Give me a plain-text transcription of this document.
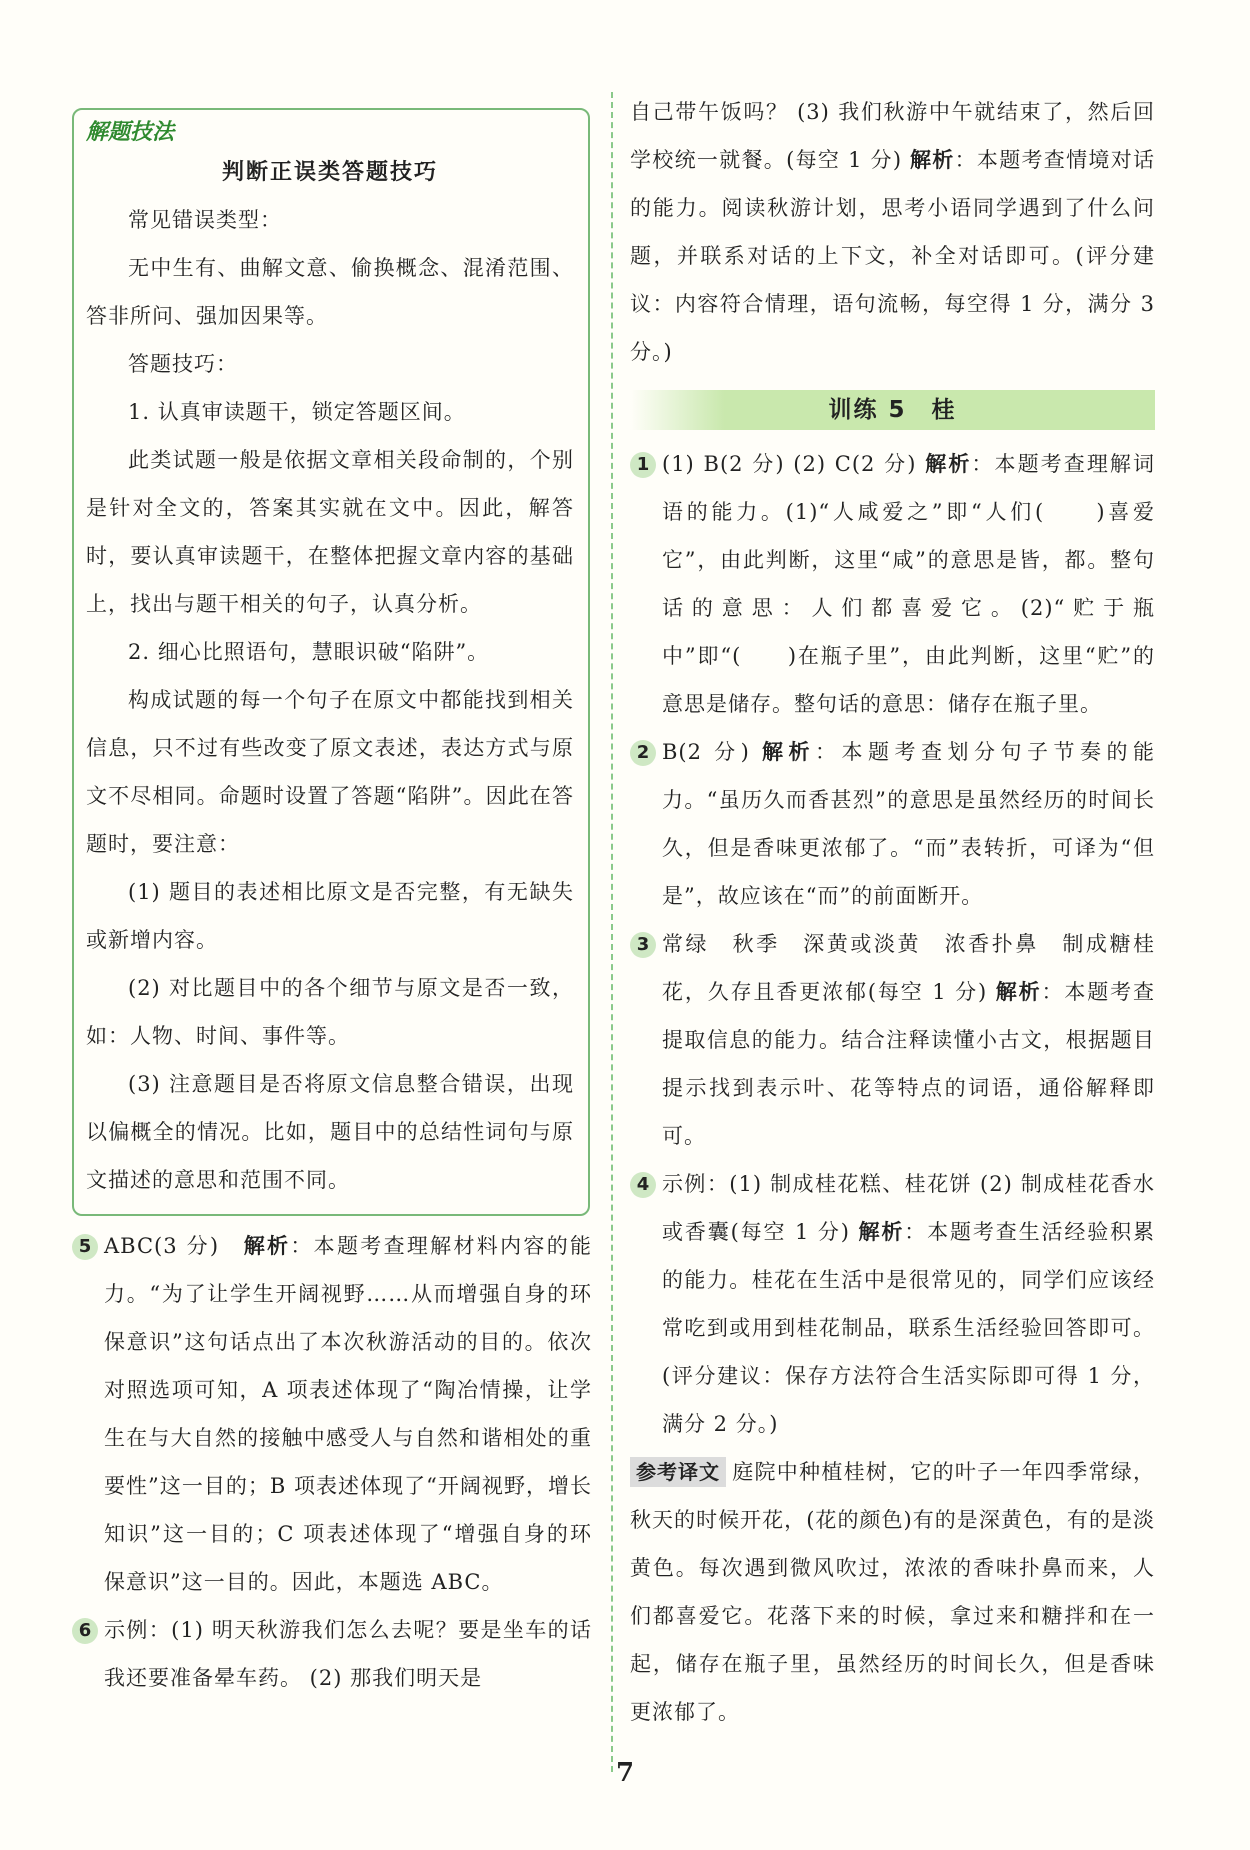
解题技法
判断正误类答题技巧

常见错误类型：

无中生有、曲解文意、偷换概念、混淆范围、答非所问、强加因果等。

答题技巧：

1. 认真审读题干，锁定答题区间。

此类试题一般是依据文章相关段命制的，个别是针对全文的，答案其实就在文中。因此，解答时，要认真审读题干，在整体把握文章内容的基础上，找出与题干相关的句子，认真分析。

2. 细心比照语句，慧眼识破“陷阱”。

构成试题的每一个句子在原文中都能找到相关信息，只不过有些改变了原文表述，表达方式与原文不尽相同。命题时设置了答题“陷阱”。因此在答题时，要注意：

(1) 题目的表述相比原文是否完整，有无缺失或新增内容。

(2) 对比题目中的各个细节与原文是否一致，如：人物、时间、事件等。

(3) 注意题目是否将原文信息整合错误，出现以偏概全的情况。比如，题目中的总结性词句与原文描述的意思和范围不同。

5 ABC(3 分)　 解析：本题考查理解材料内容的能力。“为了让学生开阔视野……从而增强自身的环保意识”这句话点出了本次秋游活动的目的。依次对照选项可知，A 项表述体现了“陶冶情操，让学生在与大自然的接触中感受人与自然和谐相处的重要性”这一目的；B 项表述体现了“开阔视野，增长知识”这一目的；C 项表述体现了“增强自身的环保意识”这一目的。因此，本题选 ABC。

6 示例：(1) 明天秋游我们怎么去呢？要是坐车的话我还要准备晕车药。 (2) 那我们明天是

自己带午饭吗？ (3) 我们秋游中午就结束了，然后回学校统一就餐。(每空 1 分) 解析：本题考查情境对话的能力。阅读秋游计划，思考小语同学遇到了什么问题，并联系对话的上下文，补全对话即可。(评分建议：内容符合情理，语句流畅，每空得 1 分，满分 3 分。)

训练 5　桂
1 (1) B(2 分) (2) C(2 分) 解析：本题考查理解词语的能力。(1)“人咸爱之”即“人们(　　)喜爱它”，由此判断，这里“咸”的意思是皆，都。整句话的意思：人们都喜爱它。(2)“贮于瓶中”即“(　　)在瓶子里”，由此判断，这里“贮”的意思是储存。整句话的意思：储存在瓶子里。

2 B(2 分) 解析：本题考查划分句子节奏的能力。“虽历久而香甚烈”的意思是虽然经历的时间长久，但是香味更浓郁了。“而”表转折，可译为“但是”，故应该在“而”的前面断开。

3 常绿　秋季　深黄或淡黄　浓香扑鼻　制成糖桂花，久存且香更浓郁(每空 1 分) 解析：本题考查提取信息的能力。结合注释读懂小古文，根据题目提示找到表示叶、花等特点的词语，通俗解释即可。

4 示例：(1) 制成桂花糕、桂花饼 (2) 制成桂花香水或香囊(每空 1 分) 解析：本题考查生活经验积累的能力。桂花在生活中是很常见的，同学们应该经常吃到或用到桂花制品，联系生活经验回答即可。(评分建议：保存方法符合生活实际即可得 1 分，满分 2 分。)

参考译文 庭院中种植桂树，它的叶子一年四季常绿，秋天的时候开花，(花的颜色)有的是深黄色，有的是淡黄色。每次遇到微风吹过，浓浓的香味扑鼻而来，人们都喜爱它。花落下来的时候，拿过来和糖拌和在一起，储存在瓶子里，虽然经历的时间长久，但是香味更浓郁了。

7
